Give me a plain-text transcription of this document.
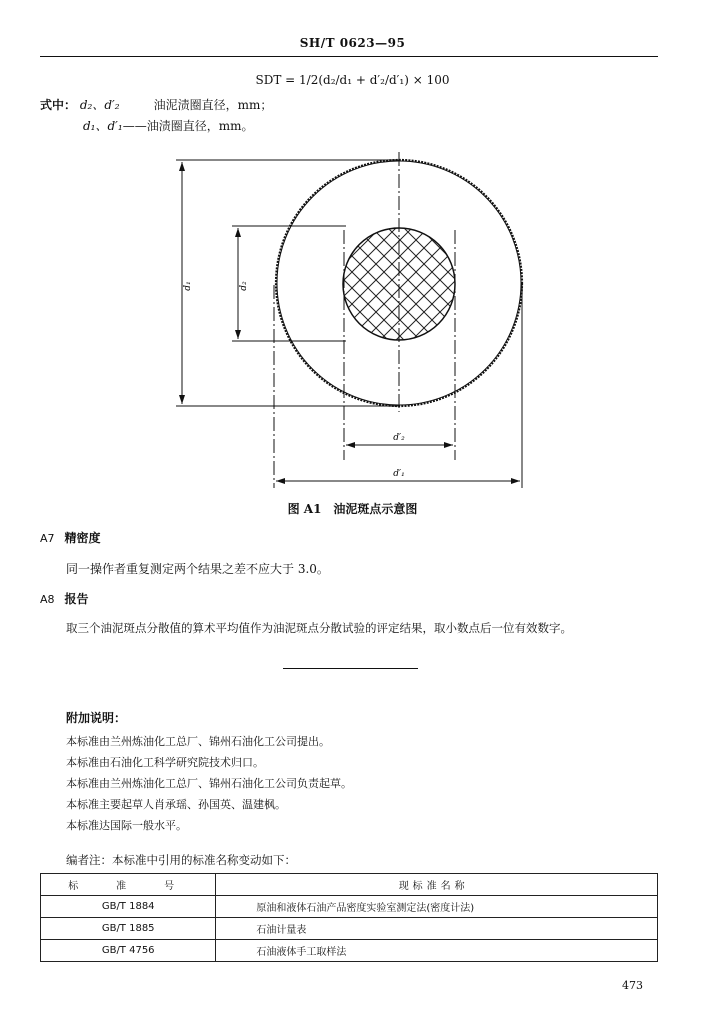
SH/T 0623—95
SDT = 1/2(d₂/d₁ + d′₂/d′₁) × 100
式中： d₂、d′₂	油泥渍圈直径，mm；
d₁、d′₁——油渍圈直径，mm。
d₁	d₂
d′₂
d′₁
图 A1　油泥斑点示意图
A7 精密度
同一操作者重复测定两个结果之差不应大于 3.0。
A8 报告
取三个油泥斑点分散值的算术平均值作为油泥斑点分散试验的评定结果，取小数点后一位有效数字。
附加说明：
本标准由兰州炼油化工总厂、锦州石油化工公司提出。
本标准由石油化工科学研究院技术归口。
本标准由兰州炼油化工总厂、锦州石油化工公司负责起草。
本标准主要起草人肖承瑶、孙国英、温建枫。
本标准达国际一般水平。
编者注：本标准中引用的标准名称变动如下：
标　准　号	现标准名称
GB/T 1884	原油和液体石油产品密度实验室测定法(密度计法)
GB/T 1885	石油计量表
GB/T 4756	石油液体手工取样法
473
